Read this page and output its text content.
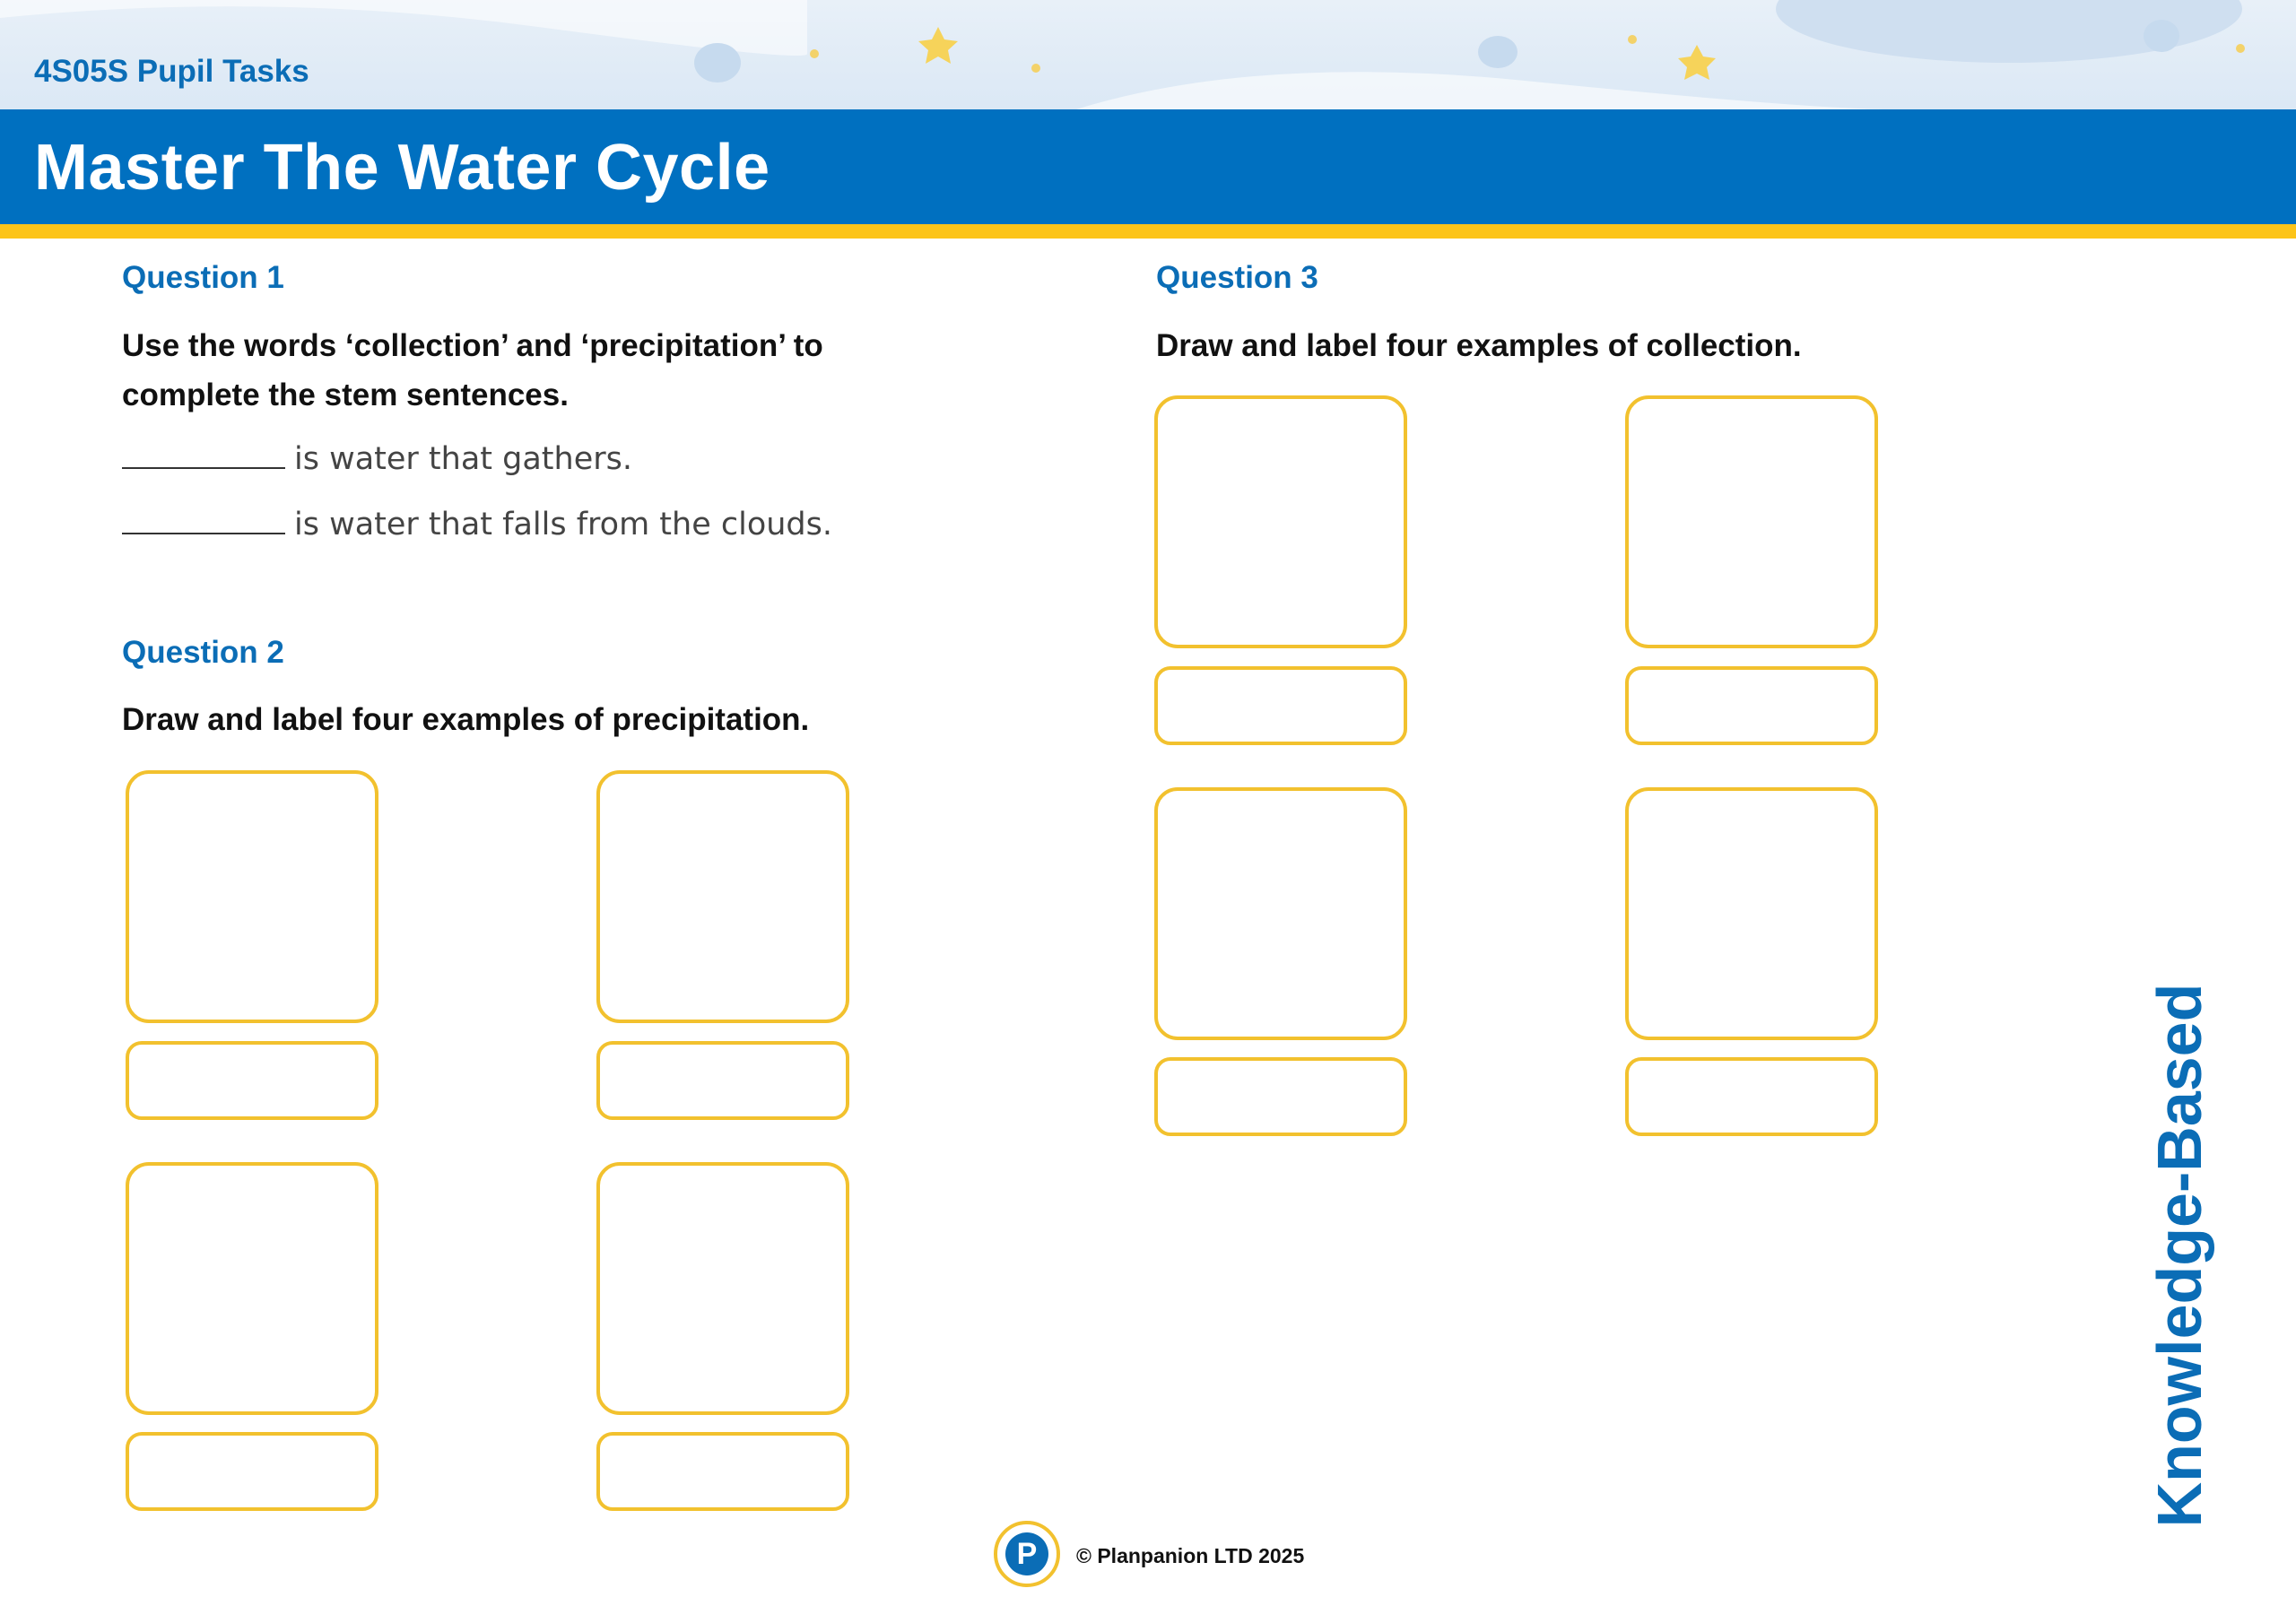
4S05S Pupil Tasks
Master The Water Cycle
Question 1
Use the words ‘collection’ and ‘precipitation’ to
complete the stem sentences.
is water that gathers.
is water that falls from the clouds.
Question 2
Draw and label four examples of precipitation.
Question 3
Draw and label four examples of collection.
Knowledge-Based
P	© Planpanion LTD 2025
